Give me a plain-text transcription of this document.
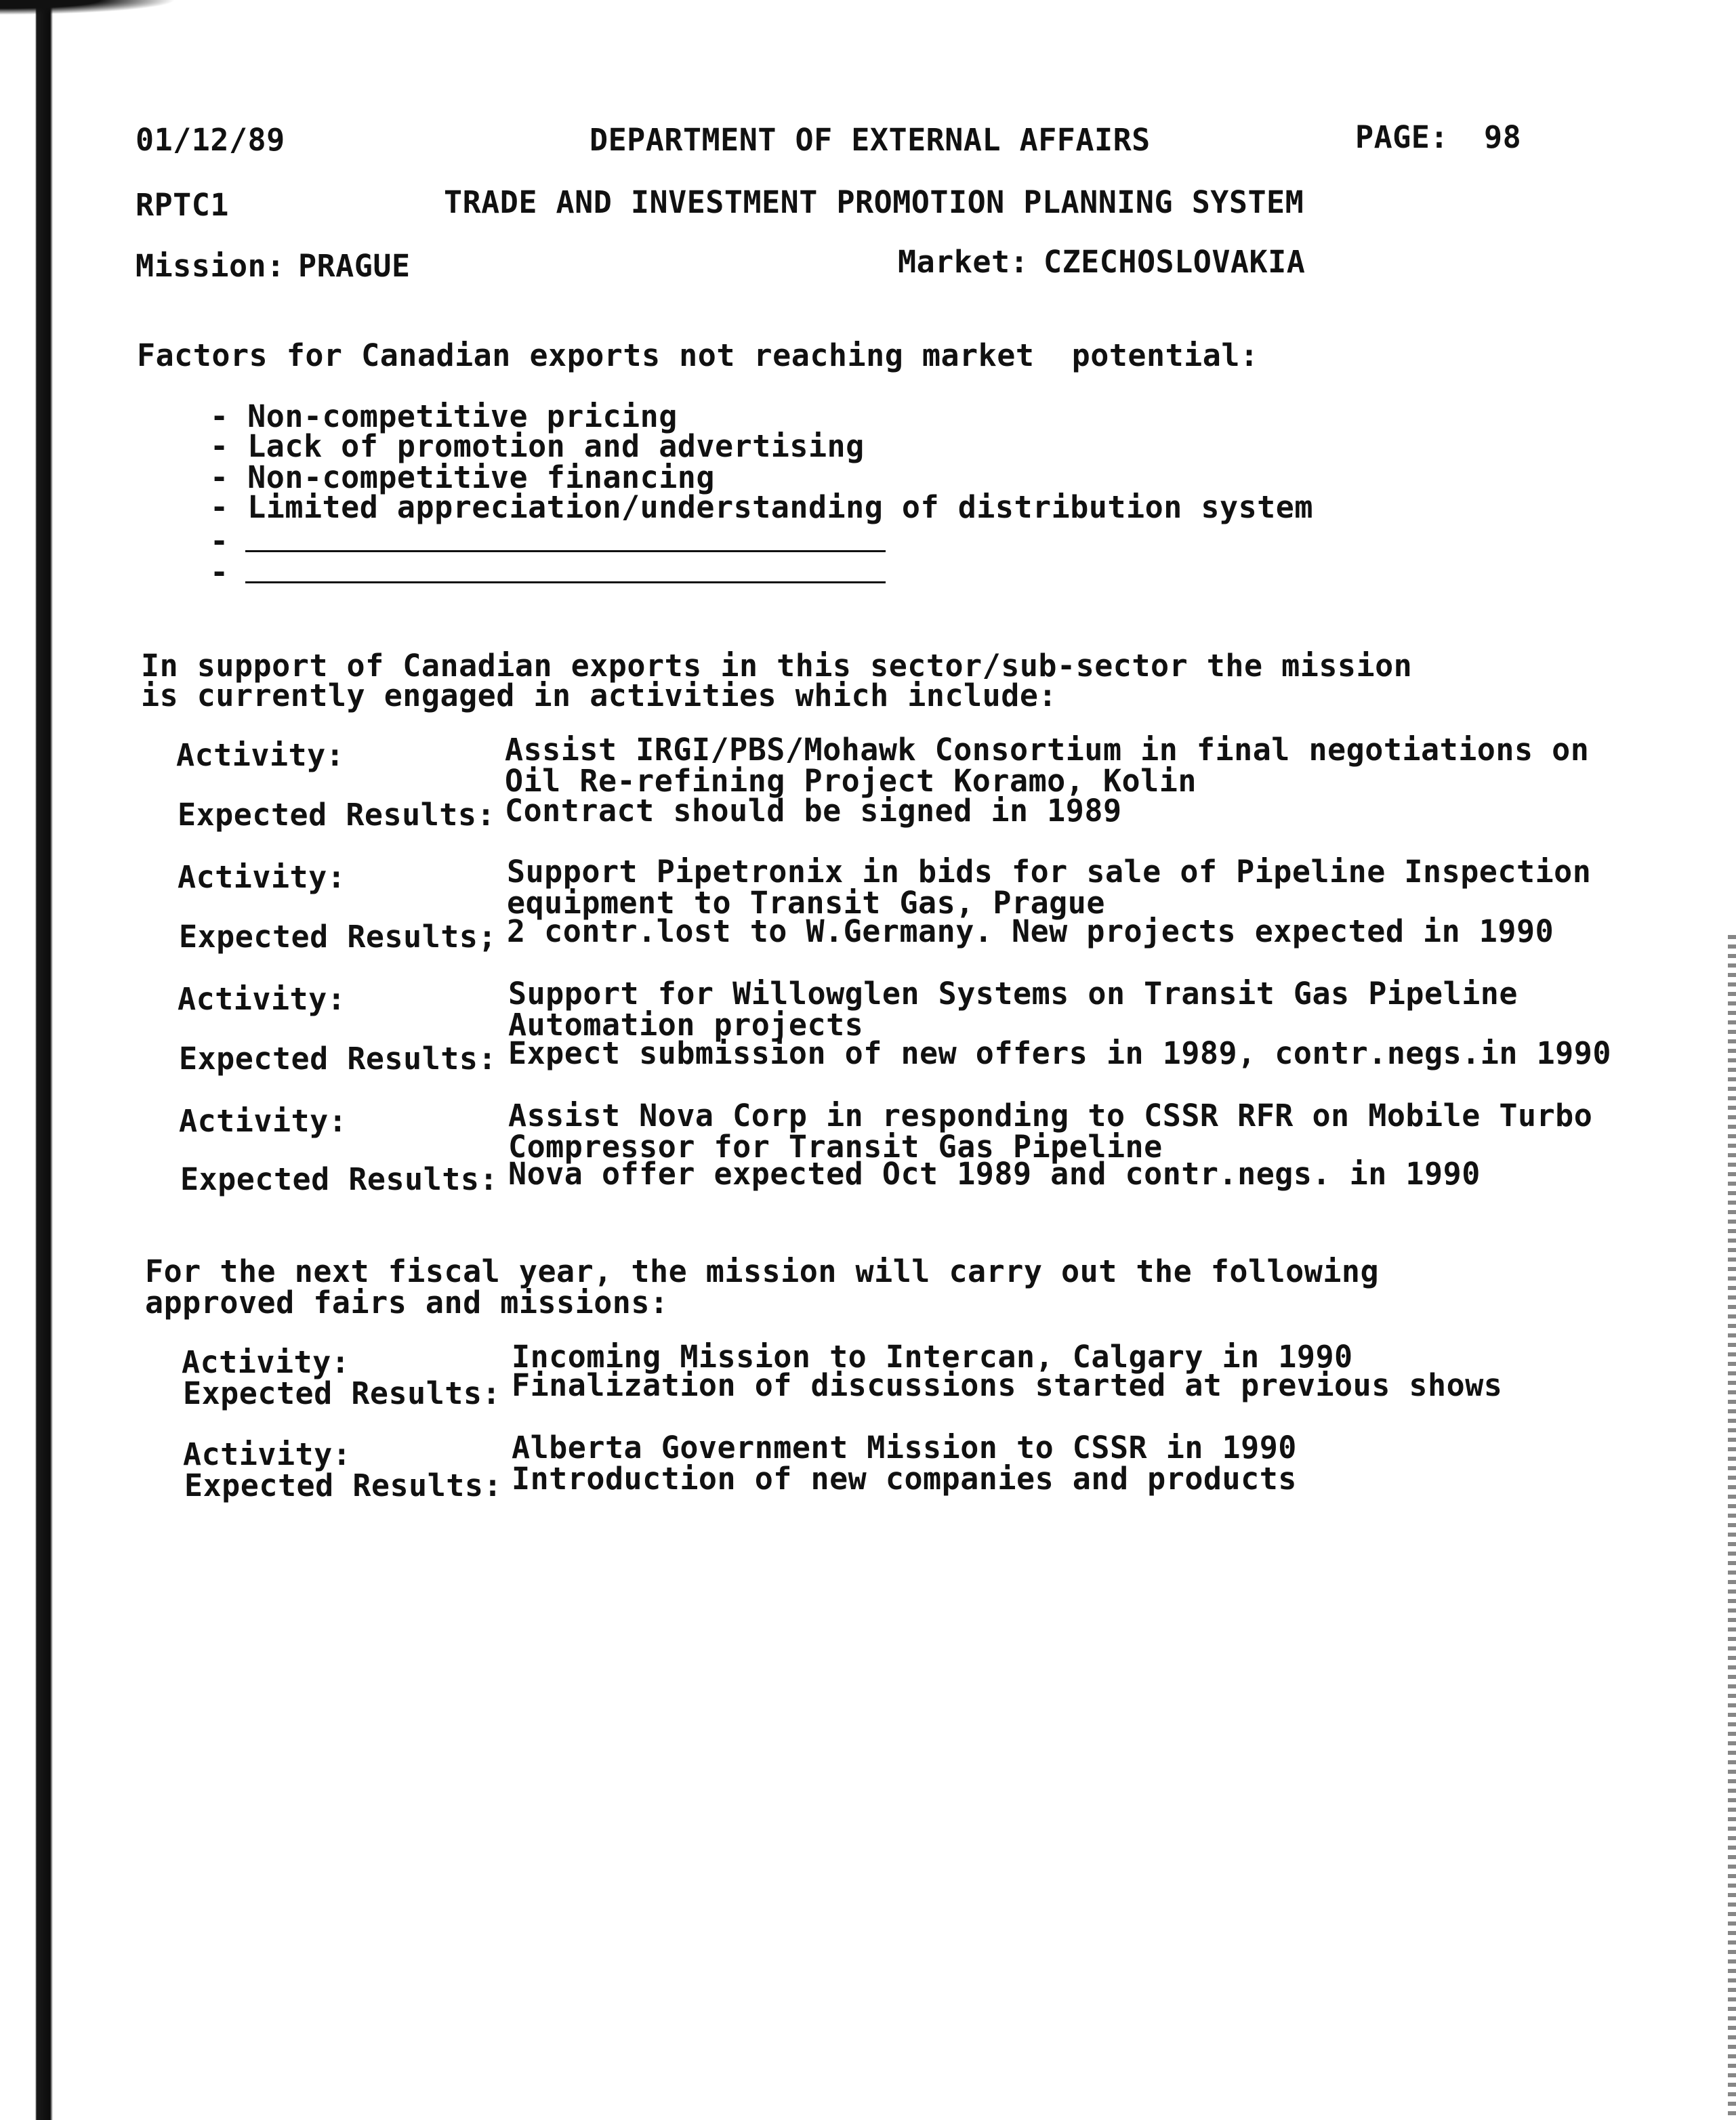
01/12/89	DEPARTMENT OF EXTERNAL AFFAIRS	PAGE: 98
RPTC1	TRADE AND INVESTMENT PROMOTION PLANNING SYSTEM
Mission: PRAGUE	Market: CZECHOSLOVAKIA
Factors for Canadian exports not reaching market  potential:
- Non-competitive pricing
- Lack of promotion and advertising
- Non-competitive financing
- Limited appreciation/understanding of distribution system
-
-
In support of Canadian exports in this sector/sub-sector the mission
is currently engaged in activities which include:
Activity:	Assist IRGI/PBS/Mohawk Consortium in final negotiations on
Oil Re-refining Project Koramo, Kolin
Expected Results: Contract should be signed in 1989
Activity:	Support Pipetronix in bids for sale of Pipeline Inspection
equipment to Transit Gas, Prague
Expected Results; 2 contr.lost to W.Germany. New projects expected in 1990
Activity:	Support for Willowglen Systems on Transit Gas Pipeline
Automation projects
Expected Results: Expect submission of new offers in 1989, contr.negs.in 1990
Activity:	Assist Nova Corp in responding to CSSR RFR on Mobile Turbo
Compressor for Transit Gas Pipeline
Expected Results: Nova offer expected Oct 1989 and contr.negs. in 1990
For the next fiscal year, the mission will carry out the following
approved fairs and missions:
Activity:	Incoming Mission to Intercan, Calgary in 1990
Expected Results: Finalization of discussions started at previous shows
Activity:	Alberta Government Mission to CSSR in 1990
Expected Results: Introduction of new companies and products
